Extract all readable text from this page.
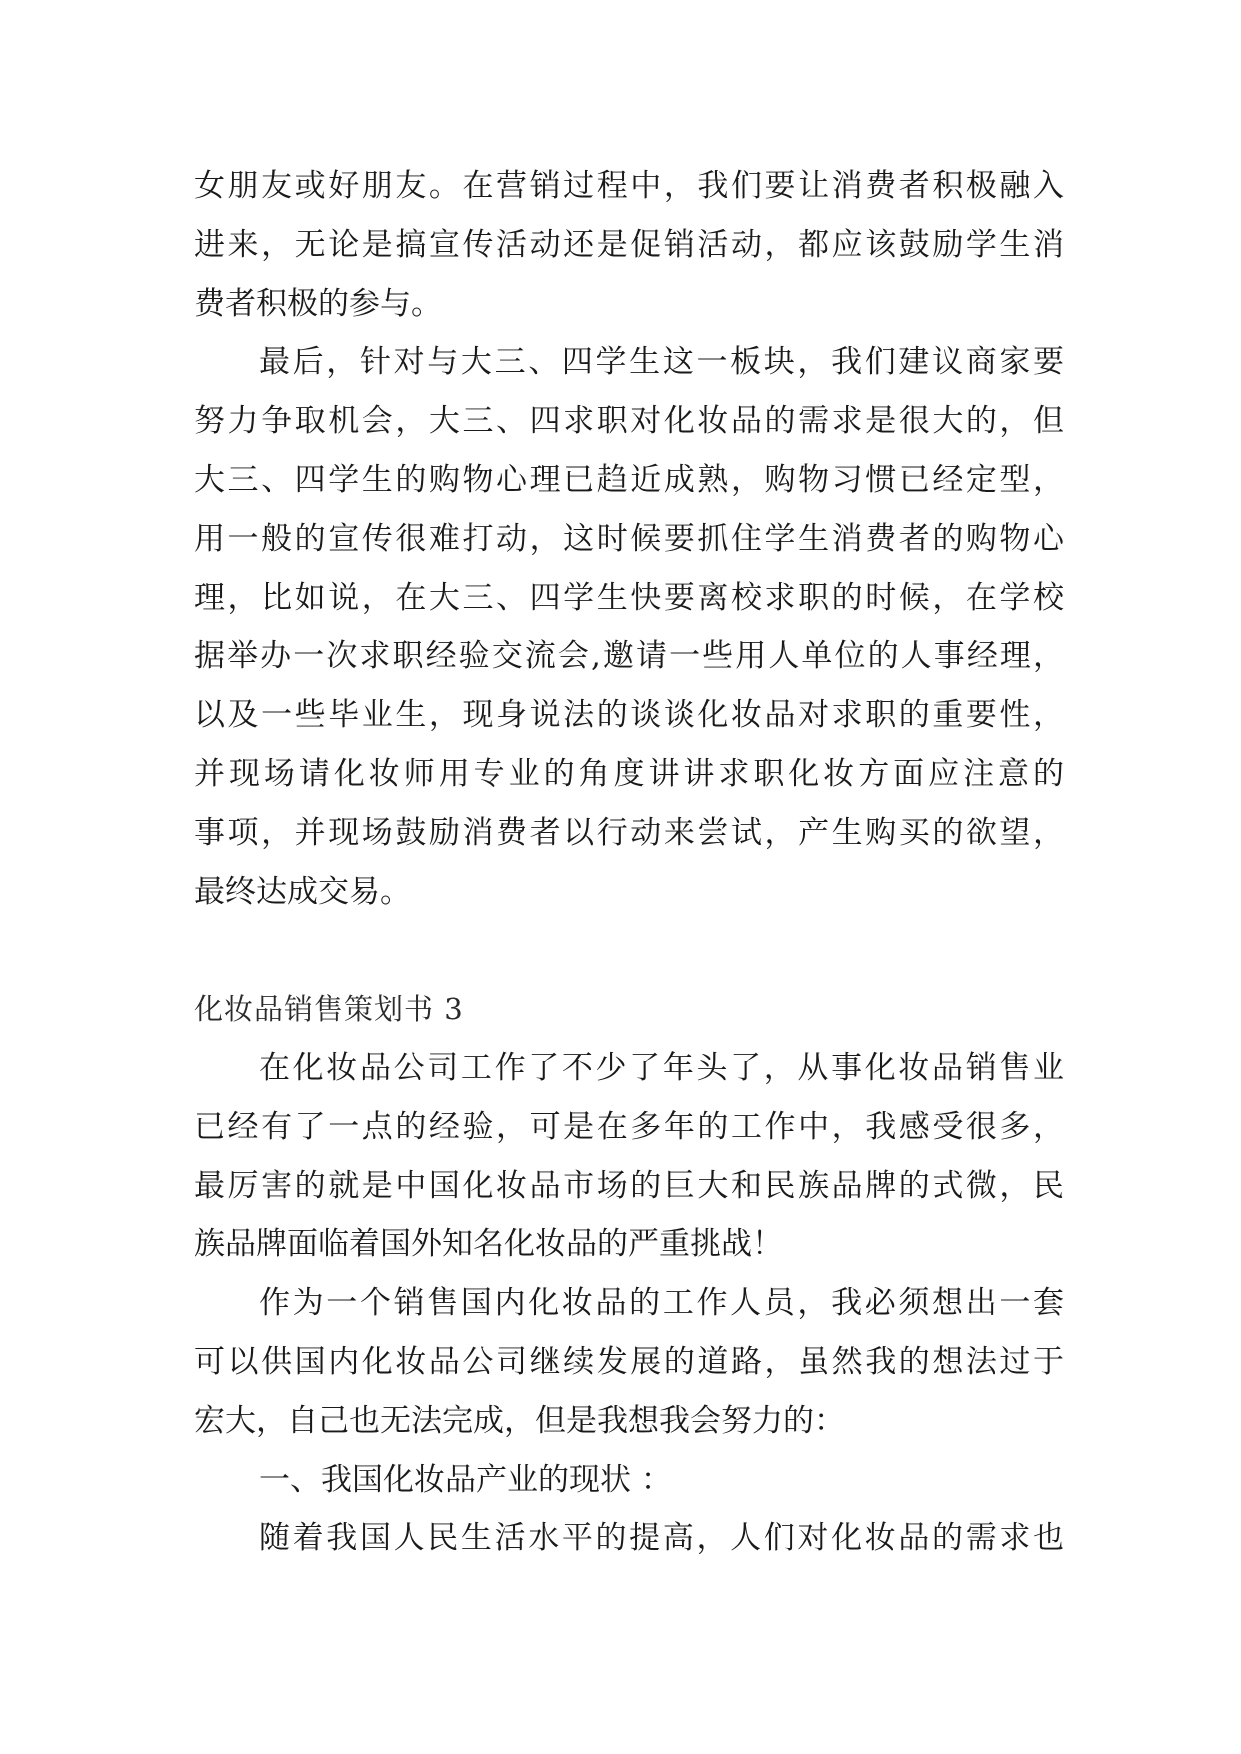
女朋友或好朋友。在营销过程中，我们要让消费者积极融入
进来，无论是搞宣传活动还是促销活动，都应该鼓励学生消
费者积极的参与。
最后，针对与大三、四学生这一板块，我们建议商家要
努力争取机会，大三、四求职对化妆品的需求是很大的，但
大三、四学生的购物心理已趋近成熟，购物习惯已经定型，
用一般的宣传很难打动，这时候要抓住学生消费者的购物心
理，比如说，在大三、四学生快要离校求职的时候，在学校
据举办一次求职经验交流会,邀请一些用人单位的人事经理，
以及一些毕业生，现身说法的谈谈化妆品对求职的重要性，
并现场请化妆师用专业的角度讲讲求职化妆方面应注意的
事项，并现场鼓励消费者以行动来尝试，产生购买的欲望，
最终达成交易。
化妆品销售策划书 3
在化妆品公司工作了不少了年头了，从事化妆品销售业
已经有了一点的经验，可是在多年的工作中，我感受很多，
最厉害的就是中国化妆品市场的巨大和民族品牌的式微，民
族品牌面临着国外知名化妆品的严重挑战！
作为一个销售国内化妆品的工作人员，我必须想出一套
可以供国内化妆品公司继续发展的道路，虽然我的想法过于
宏大，自己也无法完成，但是我想我会努力的：
一、我国化妆品产业的现状 ：
随着我国人民生活水平的提高，人们对化妆品的需求也
